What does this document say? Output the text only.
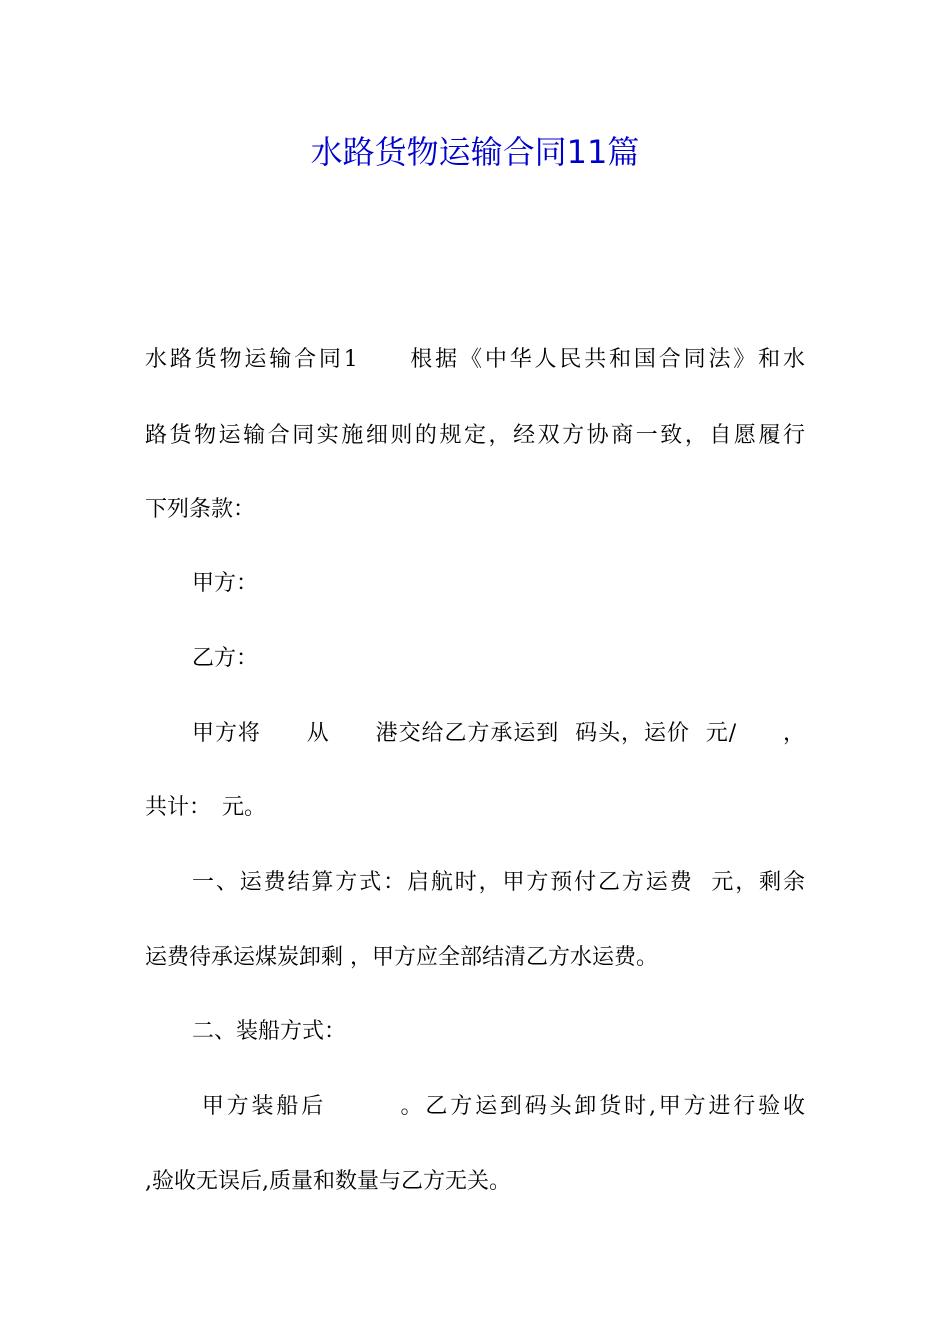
水路货物运输合同11篇
水路货物运输合同1　　根据《中华人民共和国合同法》和水
路货物运输合同实施细则的规定，经双方协商一致，自愿履行
下列条款：
甲方：
乙方：
甲方将　　从　　港交给乙方承运到  码头，运价  元/　　，
共计：　元。
一、运费结算方式：启航时，甲方预付乙方运费  元，剩余
运费待承运煤炭卸剩 ，甲方应全部结清乙方水运费。
二、装船方式：
甲方装船后　　　。乙方运到码头卸货时,甲方进行验收
,验收无误后,质量和数量与乙方无关。
